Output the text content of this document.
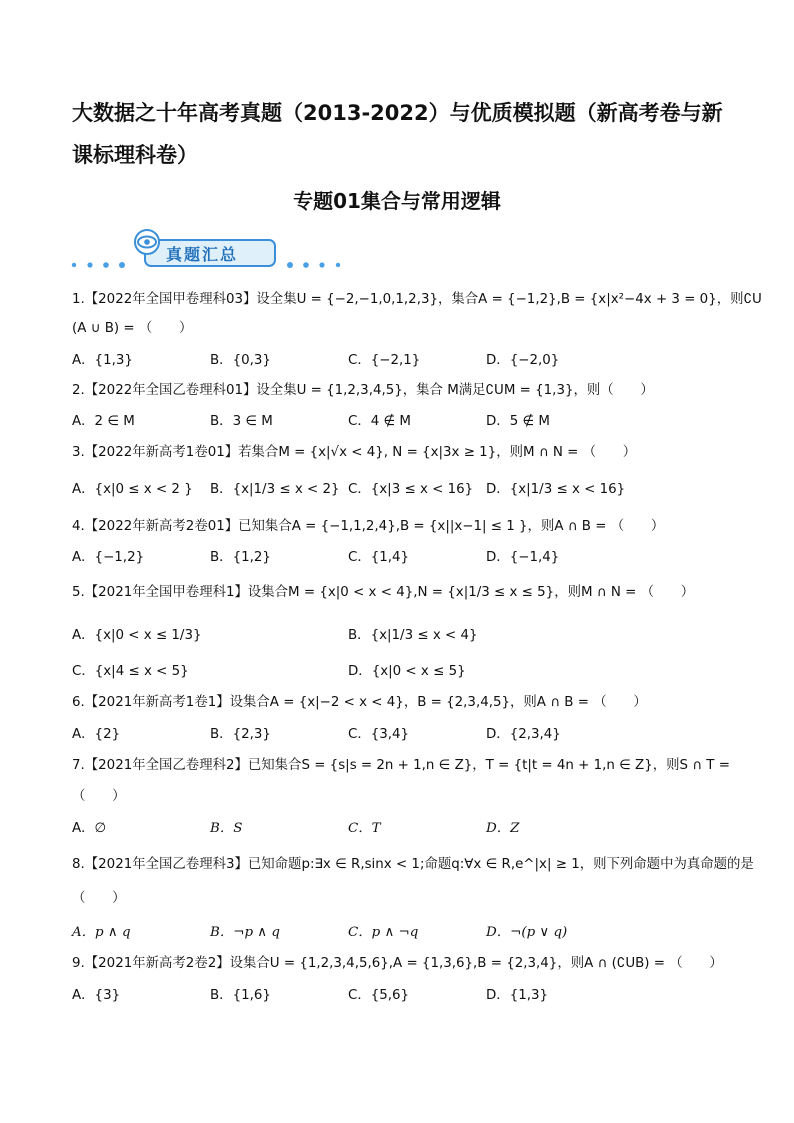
大数据之十年高考真题（2013-2022）与优质模拟题（新高考卷与新课标理科卷）
专题01集合与常用逻辑
真题汇总
1.【2022年全国甲卷理科03】设全集U = {−2,−1,0,1,2,3}，集合A = {−1,2},B = {x|x²−4x + 3 = 0}，则∁U
(A ∪ B) = （　　）
A．{1,3}	B．{0,3}	C．{−2,1}	D．{−2,0}
2.【2022年全国乙卷理科01】设全集U = {1,2,3,4,5}，集合 M满足∁UM = {1,3}，则（　　）
A．2 ∈ M	B．3 ∈ M	C．4 ∉ M	D．5 ∉ M
3.【2022年新高考1卷01】若集合M = {x|√x < 4}, N = {x|3x ≥ 1}，则M ∩ N = （　　）
A．{x|0 ≤ x < 2 } B．{x|1/3 ≤ x < 2} C．{x|3 ≤ x < 16} D．{x|1/3 ≤ x < 16}
4.【2022年新高考2卷01】已知集合A = {−1,1,2,4},B = {x||x−1| ≤ 1 }，则A ∩ B = （　　）
A．{−1,2}	B．{1,2}	C．{1,4}	D．{−1,4}
5.【2021年全国甲卷理科1】设集合M = {x|0 < x < 4},N = {x|1/3 ≤ x ≤ 5}，则M ∩ N = （　　）
A．{x|0 < x ≤ 1/3}	B．{x|1/3 ≤ x < 4}
C．{x|4 ≤ x < 5}	D．{x|0 < x ≤ 5}
6.【2021年新高考1卷1】设集合A = {x|−2 < x < 4}，B = {2,3,4,5}，则A ∩ B = （　　）
A．{2}	B．{2,3}	C．{3,4}	D．{2,3,4}
7.【2021年全国乙卷理科2】已知集合S = {s|s = 2n + 1,n ∈ Z}，T = {t|t = 4n + 1,n ∈ Z}，则S ∩ T =
（　　）
A．∅	B．S	C．T	D．Z
8.【2021年全国乙卷理科3】已知命题p:∃x ∈ R,sinx < 1;命题q:∀x ∈ R,e^|x| ≥ 1，则下列命题中为真命题的是
（　　）
A．p ∧ q	B．¬p ∧ q	C．p ∧ ¬q	D．¬(p ∨ q)
9.【2021年新高考2卷2】设集合U = {1,2,3,4,5,6},A = {1,3,6},B = {2,3,4}，则A ∩ (∁UB) = （　　）
A．{3}	B．{1,6}	C．{5,6}	D．{1,3}
